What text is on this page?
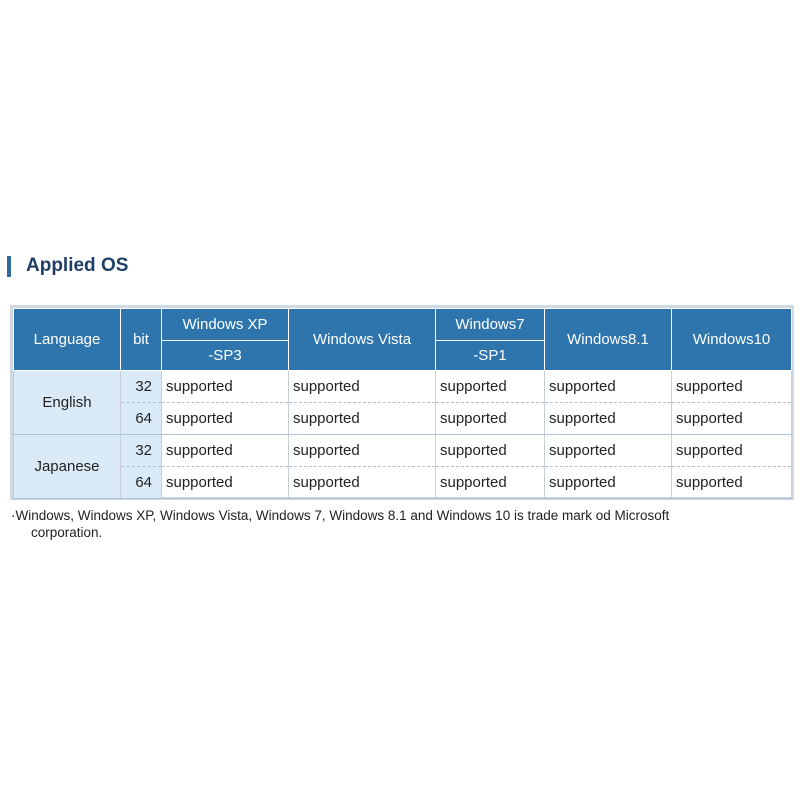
Applied OS
Language	bit	Windows XP	Windows Vista	Windows7	Windows8.1	Windows10
		-SP3		-SP1		
English	32	supported	supported	supported	supported	supported
	64	supported	supported	supported	supported	supported
Japanese	32	supported	supported	supported	supported	supported
	64	supported	supported	supported	supported	supported
·Windows, Windows XP, Windows Vista, Windows 7, Windows 8.1 and Windows 10 is trade mark od Microsoft
corporation.
